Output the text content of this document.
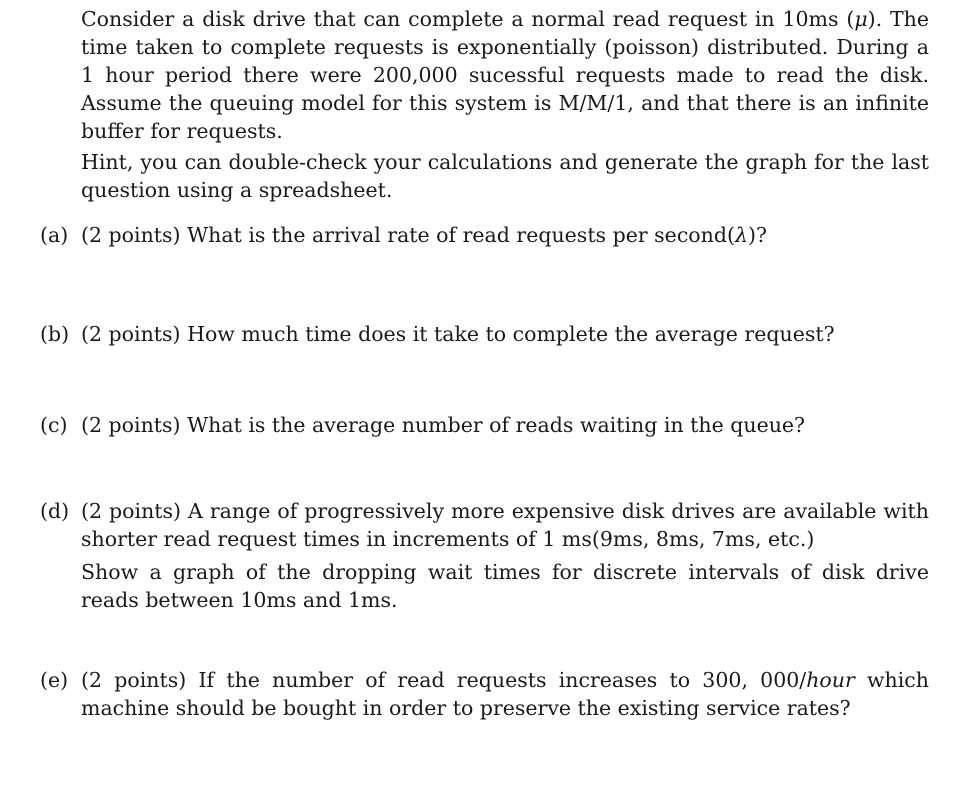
Consider a disk drive that can complete a normal read request in 10ms (μ). The time taken to complete requests is exponentially (poisson) distributed. During a 1 hour period there were 200,000 sucessful requests made to read the disk. Assume the queuing model for this system is M/M/1, and that there is an infinite buffer for requests.

Hint, you can double-check your calculations and generate the graph for the last question using a spreadsheet.

(a) (2 points) What is the arrival rate of read requests per second(λ)?
(b) (2 points) How much time does it take to complete the average request?
(c) (2 points) What is the average number of reads waiting in the queue?
(d) (2 points) A range of progressively more expensive disk drives are available with shorter read request times in increments of 1 ms(9ms, 8ms, 7ms, etc.)
Show a graph of the dropping wait times for discrete intervals of disk drive reads between 10ms and 1ms.
(e) (2 points) If the number of read requests increases to 300, 000/hour which machine should be bought in order to preserve the existing service rates?
